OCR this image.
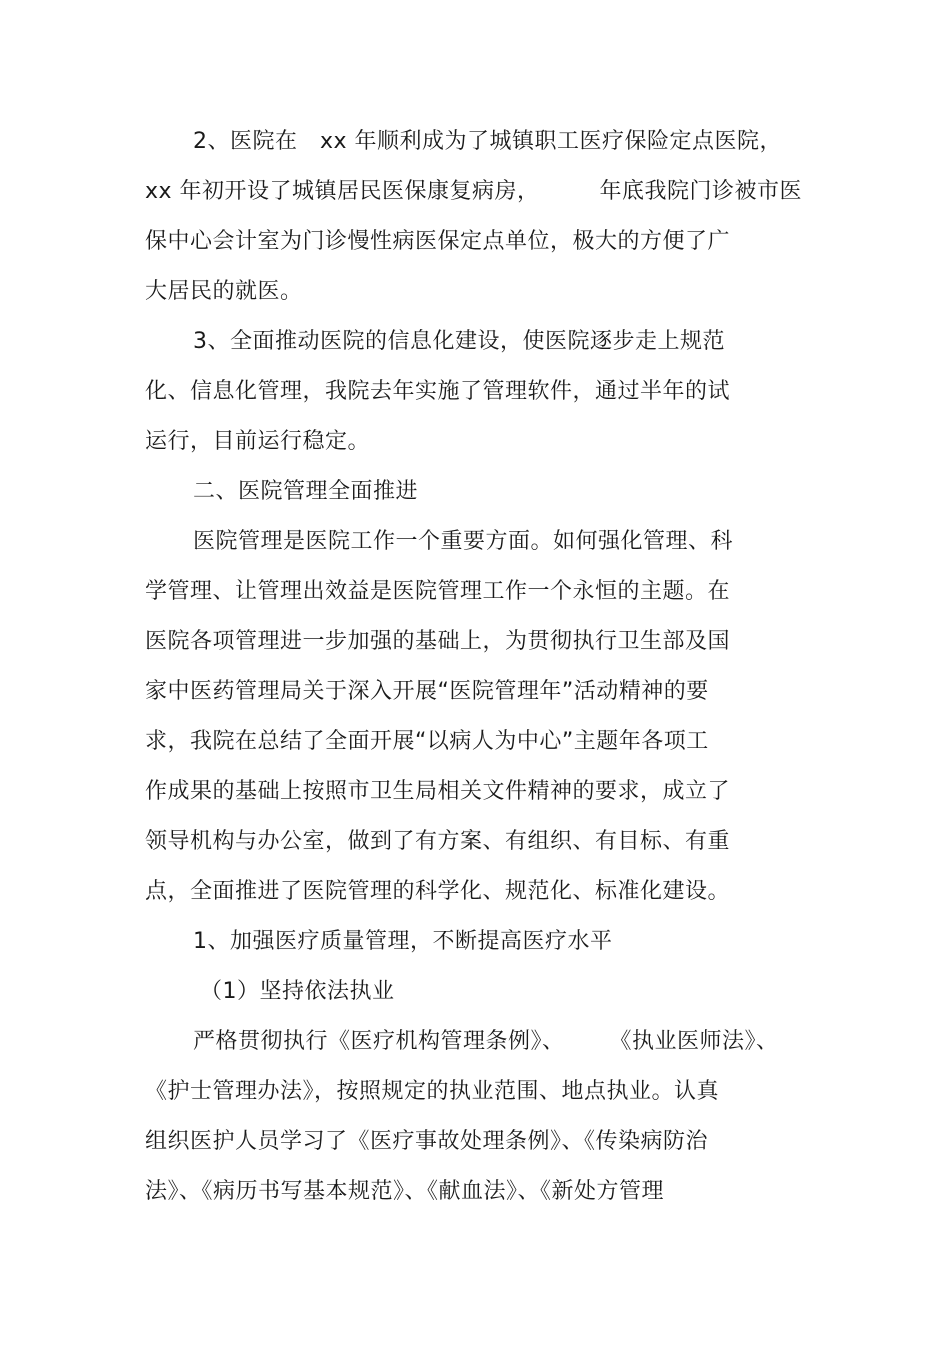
2、医院在   xx 年顺利成为了城镇职工医疗保险定点医院，
xx 年初开设了城镇居民医保康复病房，        年底我院门诊被市医
保中心会计室为门诊慢性病医保定点单位，极大的方便了广
大居民的就医。
3、全面推动医院的信息化建设，使医院逐步走上规范
化、信息化管理，我院去年实施了管理软件，通过半年的试
运行，目前运行稳定。
二、医院管理全面推进
医院管理是医院工作一个重要方面。如何强化管理、科
学管理、让管理出效益是医院管理工作一个永恒的主题。在
医院各项管理进一步加强的基础上，为贯彻执行卫生部及国
家中医药管理局关于深入开展“医院管理年”活动精神的要
求，我院在总结了全面开展“以病人为中心”主题年各项工
作成果的基础上按照市卫生局相关文件精神的要求，成立了
领导机构与办公室，做到了有方案、有组织、有目标、有重
点，全面推进了医院管理的科学化、规范化、标准化建设。
1、加强医疗质量管理，不断提高医疗水平
（1）坚持依法执业
严格贯彻执行《医疗机构管理条例》、      《执业医师法》、
《护士管理办法》，按照规定的执业范围、地点执业。认真
组织医护人员学习了《医疗事故处理条例》、《传染病防治
法》、《病历书写基本规范》、《献血法》、《新处方管理
